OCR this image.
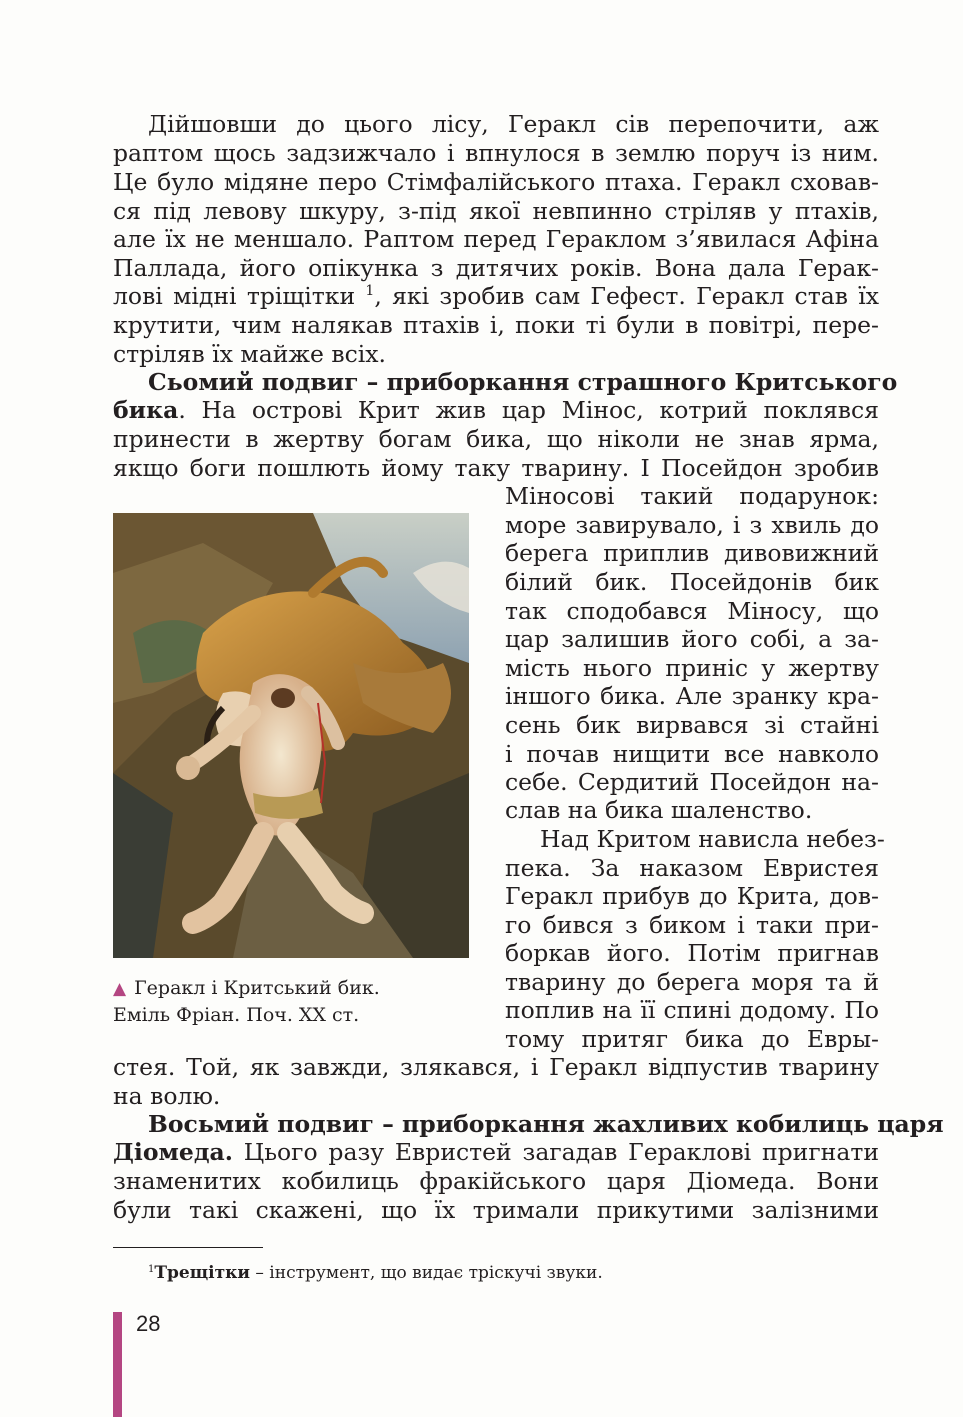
Дійшовши до цього лісу, Геракл сів перепочити, аж
раптом щось задзижчало і впнулося в землю поруч із ним.
Це було мідяне перо Стімфалійського птаха. Геракл сховав-
ся під левову шкуру, з-під якої невпинно стріляв у птахів,
але їх не меншало. Раптом перед Гераклом з’явилася Афіна
Паллада, його опікунка з дитячих років. Вона дала Герак-
лові мідні тріщітки $^1$, які зробив сам Гефест. Геракл став їх
крутити, чим налякав птахів і, поки ті були в повітрі, пере-
стріляв їх майже всіх.
Сьомий подвиг – приборкання страшного Критського
бика. На острові Крит жив цар Мінос, котрий поклявся
принести в жертву богам бика, що ніколи не знав ярма,
якщо боги пошлють йому таку тварину. І Посейдон зробив
Міносові такий подарунок:
море завирувало, і з хвиль до
берега приплив дивовижний
білий бик. Посейдонів бик
так сподобався Міносу, що
цар залишив його собі, а за-
мість нього приніс у жертву
іншого бика. Але зранку кра-
сень бик вирвався зі стайні
і почав нищити все навколо
себе. Сердитий Посейдон на-
слав на бика шаленство.
Над Критом нависла небез-
пека. За наказом Евристея
Геракл прибув до Крита, дов-
го бився з биком і таки при-
боркав його. Потім пригнав
тварину до берега моря та й
поплив на її спині додому. По
тому притяг бика до Евры-
стея. Той, як завжди, злякався, і Геракл відпустив тварину
на волю.
Восьмий подвиг – приборкання жахливих кобилиць царя
Діомеда. Цього разу Евристей загадав Гераклові пригнати
знаменитих кобилиць фракійського царя Діомеда. Вони
були такі скажені, що їх тримали прикутими залізними
▲ Геракл і Критський бик.
Еміль Фріан. Поч. XX ст.
$^1$Трещітки – інструмент, що видає тріскучі звуки.
28
